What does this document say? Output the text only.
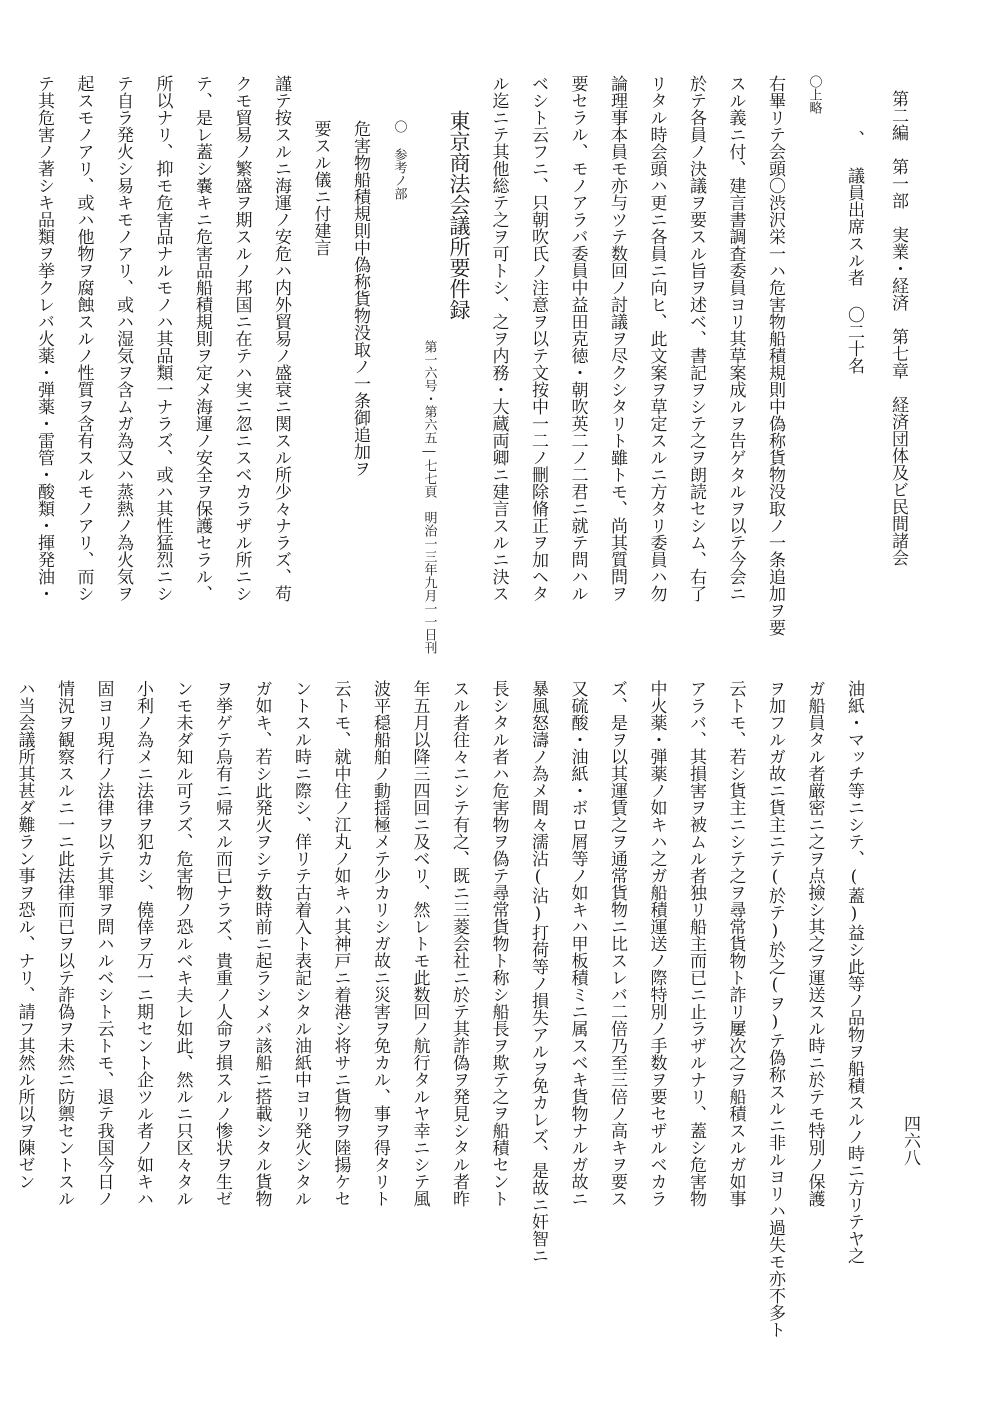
第二編　第一部　実業・経済　第七章　経済団体及ビ民間諸会
四六八
、 議員出席スル者 〇二十名
〇上略
右畢リテ会頭〇渋沢栄一ハ危害物船積規則中偽称貨物没取ノ一条追加ヲ要
スル義ニ付、建言書調査委員ヨリ其草案成ルヲ告ゲタルヲ以テ今会ニ
於テ各員ノ決議ヲ要スル旨ヲ述ベ、書記ヲシテ之ヲ朗読セシム、右了
リタル時会頭ハ更ニ各員ニ向ヒ、此文案ヲ草定スルニ方タリ委員ハ勿
論理事本員モ亦与ツテ数回ノ討議ヲ尽クシタリト雖トモ、尚其質問ヲ
要セラル、モノアラバ委員中益田克徳・朝吹英二ノ二君ニ就テ問ハル
ベシト云フニ、只朝吹氏ノ注意ヲ以テ文按中一二ノ刪除脩正ヲ加ヘタ
ル迄ニテ其他総テ之ヲ可トシ、之ヲ内務・大蔵両卿ニ建言スルニ決ス
東京商法会議所要件録
第一六号・第六五―七七頁　明治一三年九月一一日刊
〇 参考ノ部
危害物船積規則中偽称貨物没取ノ一条御追加ヲ
要スル儀ニ付建言
謹テ按スルニ海運ノ安危ハ内外貿易ノ盛衰ニ関スル所少々ナラズ、苟
クモ貿易ノ繁盛ヲ期スルノ邦国ニ在テハ実ニ忽ニスベカラザル所ニシ
テ、是レ蓋シ嚢キニ危害品船積規則ヲ定メ海運ノ安全ヲ保護セラル、
所以ナリ、抑モ危害品ナルモノハ其品類一ナラズ、或ハ其性猛烈ニシ
テ自ラ発火シ易キモノアリ、或ハ湿気ヲ含ムガ為又ハ蒸熱ノ為火気ヲ
起スモノアリ、或ハ他物ヲ腐蝕スルノ性質ヲ含有スルモノアリ、而シ
テ其危害ノ著シキ品類ヲ挙クレバ火薬・弾薬・雷管・酸類・揮発油・
油紙・マッチ等ニシテ、(蓋)益シ此等ノ品物ヲ船積スルノ時ニ方リテヤ之
ガ船員タル者厳密ニ之ヲ点撿シ其之ヲ運送スル時ニ於テモ特別ノ保護
ヲ加フルガ故ニ貨主ニテ(於テ)於之(ヲ)テ偽称スルニ非ルヨリハ過失モ亦不多ト
云トモ、若シ貨主ニシテ之ヲ尋常貨物ト詐リ屢次之ヲ船積スルガ如事
アラバ、其損害ヲ被ムル者独リ船主而已ニ止ラザルナリ、蓋シ危害物
中火薬・弾薬ノ如キハ之ガ船積運送ノ際特別ノ手数ヲ要セザルベカラ
ズ、是ヲ以其運賃之ヲ通常貨物ニ比スレバ二倍乃至三倍ノ高キヲ要ス
又硫酸・油紙・ボロ屑等ノ如キハ甲板積ミニ属スベキ貨物ナルガ故ニ
暴風怒濤ノ為メ間々濡沾(沾)打荷等ノ損失アルヲ免カレズ、是故ニ奸智ニ
長シタル者ハ危害物ヲ偽テ尋常貨物ト称シ船長ヲ欺テ之ヲ船積セント
スル者往々ニシテ有之、既ニ三菱会社ニ於テ其詐偽ヲ発見シタル者昨
年五月以降三四回ニ及ベリ、然レトモ此数回ノ航行タルヤ幸ニシテ風
波平穏船舶ノ動揺極メテ少カリシガ故ニ災害ヲ免カル、事ヲ得タリト
云トモ、就中住ノ江丸ノ如キハ其神戸ニ着港シ将サニ貨物ヲ陸揚ケセ
ントスル時ニ際シ、佯リテ古着入ト表記シタル油紙中ヨリ発火シタル
ガ如キ、若シ此発火ヲシテ数時前ニ起ラシメバ該船ニ搭載シタル貨物
ヲ挙ゲテ烏有ニ帰スル而已ナラズ、貴重ノ人命ヲ損スルノ惨状ヲ生ゼ
ンモ未ダ知ル可ラズ、危害物ノ恐ルベキ夫レ如此、然ルニ只区々タル
小利ノ為メニ法律ヲ犯カシ、僥倖ヲ万一ニ期セント企ツル者ノ如キハ
固ヨリ現行ノ法律ヲ以テ其罪ヲ問ハルベシト云トモ、退テ我国今日ノ
情況ヲ観察スルニ一ニ此法律而已ヲ以テ詐偽ヲ未然ニ防禦セントスル
ハ当会議所其甚ダ難ラン事ヲ恐ル、ナリ、請フ其然ル所以ヲ陳ゼン
